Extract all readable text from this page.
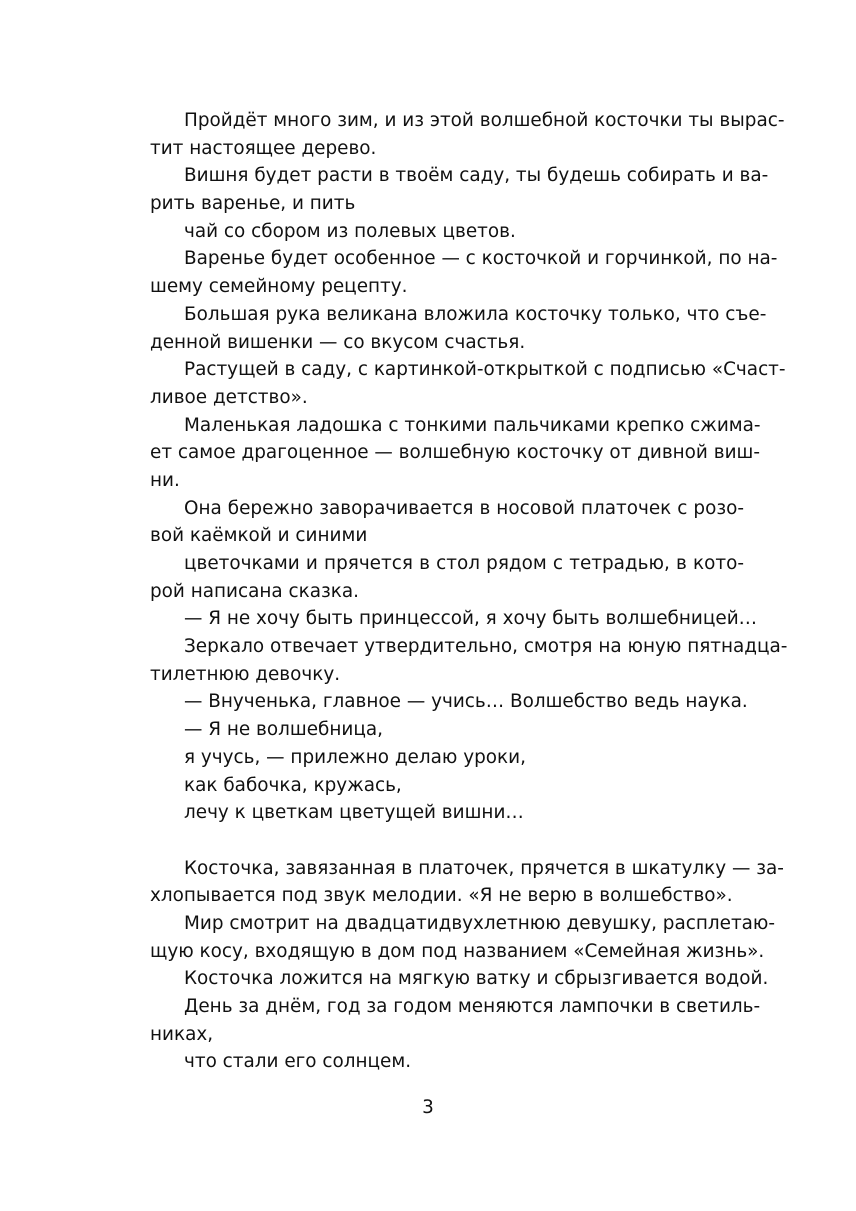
Пройдёт много зим, и из этой волшебной косточки ты вырас-
тит настоящее дерево.
Вишня будет расти в твоём саду, ты будешь собирать и ва-
рить варенье, и пить
чай со сбором из полевых цветов.
Варенье будет особенное — с косточкой и горчинкой, по на-
шему семейному рецепту.
Большая рука великана вложила косточку только, что съе-
денной вишенки — со вкусом счастья.
Растущей в саду, с картинкой-открыткой с подписью «Счаст-
ливое детство».
Маленькая ладошка с тонкими пальчиками крепко сжима-
ет самое драгоценное — волшебную косточку от дивной виш-
ни.
Она бережно заворачивается в носовой платочек с розо-
вой каёмкой и синими
цветочками и прячется в стол рядом с тетрадью, в кото-
рой написана сказка.
— Я не хочу быть принцессой, я хочу быть волшебницей…
Зеркало отвечает утвердительно, смотря на юную пятнадца-
тилетнюю девочку.
— Внученька, главное — учись… Волшебство ведь наука.
— Я не волшебница,
я учусь, — прилежно делаю уроки,
как бабочка, кружась,
лечу к цветкам цветущей вишни…
Косточка, завязанная в платочек, прячется в шкатулку — за-
хлопывается под звук мелодии. «Я не верю в волшебство».
Мир смотрит на двадцатидвухлетнюю девушку, расплетаю-
щую косу, входящую в дом под названием «Семейная жизнь».
Косточка ложится на мягкую ватку и сбрызгивается водой.
День за днём, год за годом меняются лампочки в светиль-
никах,
что стали его солнцем.
3
